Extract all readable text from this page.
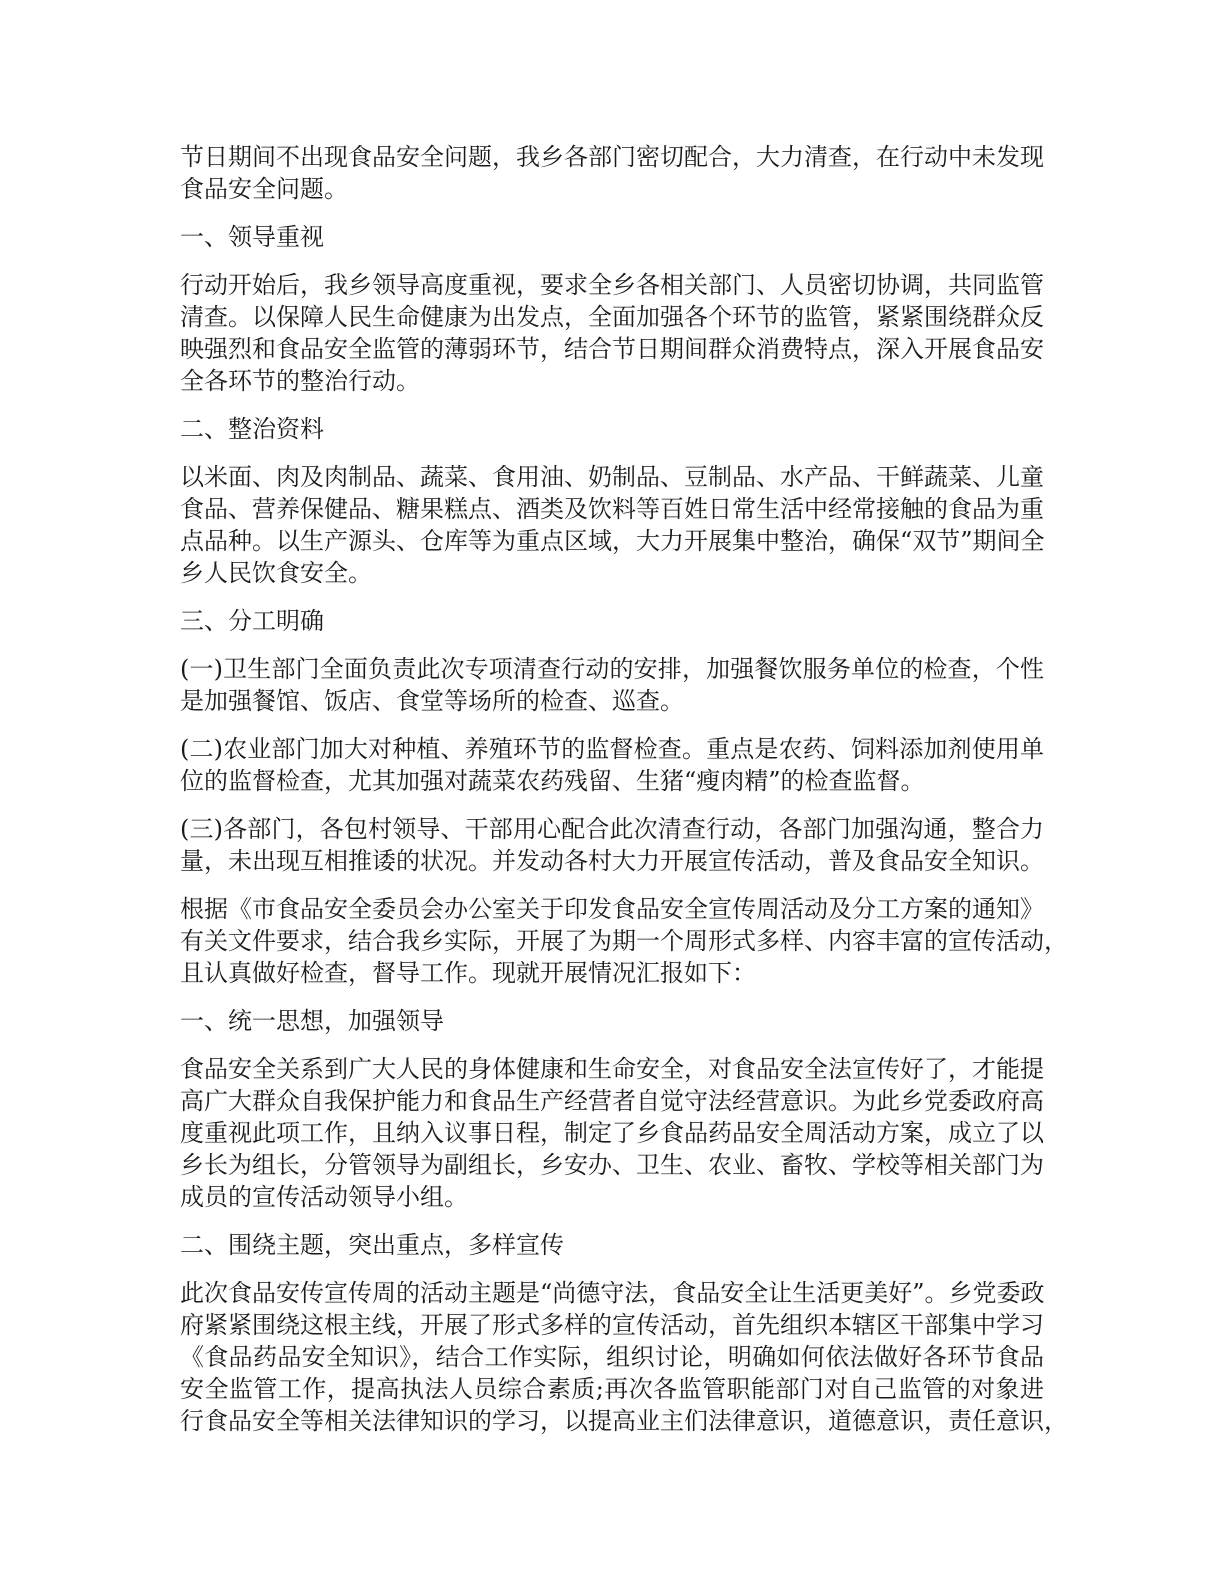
节日期间不出现食品安全问题，我乡各部门密切配合，大力清查，在行动中未发现
食品安全问题。
一、领导重视
行动开始后，我乡领导高度重视，要求全乡各相关部门、人员密切协调，共同监管
清查。以保障人民生命健康为出发点，全面加强各个环节的监管，紧紧围绕群众反
映强烈和食品安全监管的薄弱环节，结合节日期间群众消费特点，深入开展食品安
全各环节的整治行动。
二、整治资料
以米面、肉及肉制品、蔬菜、食用油、奶制品、豆制品、水产品、干鲜蔬菜、儿童
食品、营养保健品、糖果糕点、酒类及饮料等百姓日常生活中经常接触的食品为重
点品种。以生产源头、仓库等为重点区域，大力开展集中整治，确保“双节”期间全
乡人民饮食安全。
三、分工明确
(一)卫生部门全面负责此次专项清查行动的安排，加强餐饮服务单位的检查，个性
是加强餐馆、饭店、食堂等场所的检查、巡查。
(二)农业部门加大对种植、养殖环节的监督检查。重点是农药、饲料添加剂使用单
位的监督检查，尤其加强对蔬菜农药残留、生猪“瘦肉精”的检查监督。
(三)各部门，各包村领导、干部用心配合此次清查行动，各部门加强沟通，整合力
量，未出现互相推诿的状况。并发动各村大力开展宣传活动，普及食品安全知识。
根据《市食品安全委员会办公室关于印发食品安全宣传周活动及分工方案的通知》
有关文件要求，结合我乡实际，开展了为期一个周形式多样、内容丰富的宣传活动，
且认真做好检查，督导工作。现就开展情况汇报如下：
一、统一思想，加强领导
食品安全关系到广大人民的身体健康和生命安全，对食品安全法宣传好了，才能提
高广大群众自我保护能力和食品生产经营者自觉守法经营意识。为此乡党委政府高
度重视此项工作，且纳入议事日程，制定了乡食品药品安全周活动方案，成立了以
乡长为组长，分管领导为副组长，乡安办、卫生、农业、畜牧、学校等相关部门为
成员的宣传活动领导小组。
二、围绕主题，突出重点，多样宣传
此次食品安传宣传周的活动主题是“尚德守法，食品安全让生活更美好”。乡党委政
府紧紧围绕这根主线，开展了形式多样的宣传活动，首先组织本辖区干部集中学习
《食品药品安全知识》，结合工作实际，组织讨论，明确如何依法做好各环节食品
安全监管工作，提高执法人员综合素质;再次各监管职能部门对自己监管的对象进
行食品安全等相关法律知识的学习，以提高业主们法律意识，道德意识，责任意识，
